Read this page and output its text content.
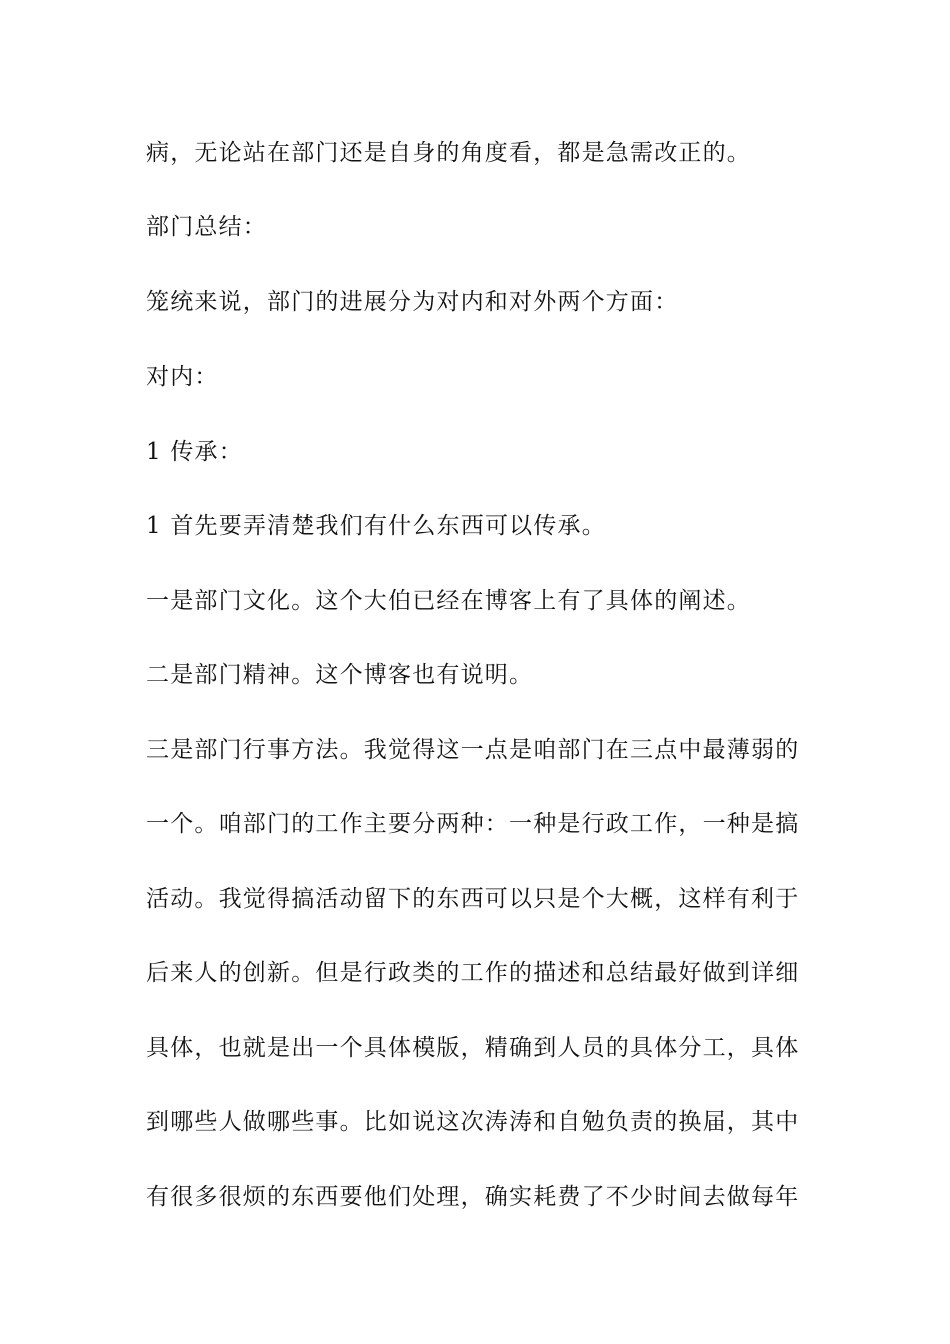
病，无论站在部门还是自身的角度看，都是急需改正的。
部门总结：
笼统来说，部门的进展分为对内和对外两个方面：
对内：
1 传承：
1 首先要弄清楚我们有什么东西可以传承。
一是部门文化。这个大伯已经在博客上有了具体的阐述。
二是部门精神。这个博客也有说明。
三是部门行事方法。我觉得这一点是咱部门在三点中最薄弱的
一个。咱部门的工作主要分两种：一种是行政工作，一种是搞
活动。我觉得搞活动留下的东西可以只是个大概，这样有利于
后来人的创新。但是行政类的工作的描述和总结最好做到详细
具体，也就是出一个具体模版，精确到人员的具体分工，具体
到哪些人做哪些事。比如说这次涛涛和自勉负责的换届，其中
有很多很烦的东西要他们处理，确实耗费了不少时间去做每年
